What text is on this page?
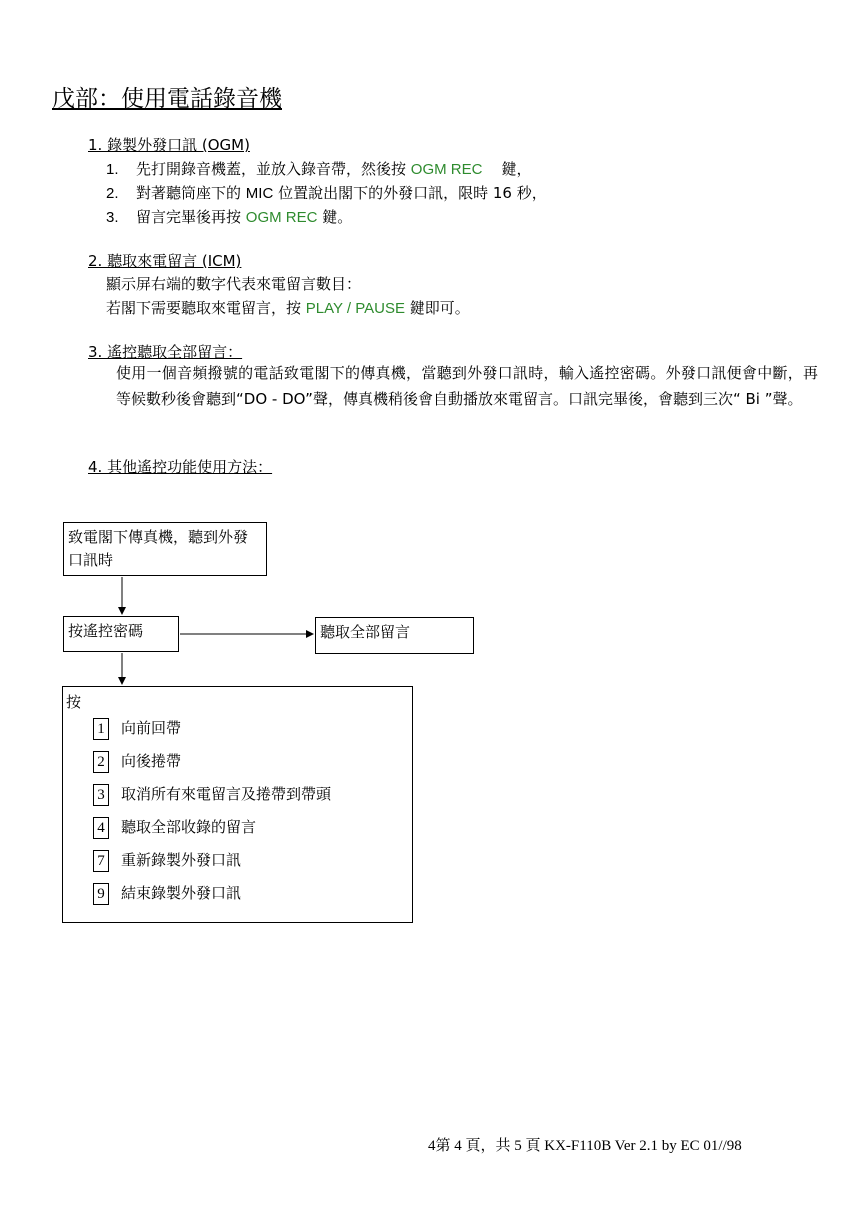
戊部：使用電話錄音機
1. 錄製外發口訊 (OGM)
1. 先打開錄音機蓋，並放入錄音帶，然後按 OGM REC 鍵，
2. 對著聽筒座下的 MIC 位置說出閣下的外發口訊，限時 16 秒，
3. 留言完畢後再按 OGM REC 鍵。
2. 聽取來電留言 (ICM)
顯示屏右端的數字代表來電留言數目：
若閣下需要聽取來電留言，按 PLAY / PAUSE 鍵即可。
3. 遙控聽取全部留言：
使用一個音頻撥號的電話致電閣下的傳真機，當聽到外發口訊時，輸入遙控密碼。外發口訊便會中斷，再等候數秒後會聽到“DO - DO”聲，傳真機稍後會自動播放來電留言。口訊完畢後，會聽到三次“ Bi ”聲。
4. 其他遙控功能使用方法：
致電閣下傳真機，聽到外發口訊時
按遙控密碼	聽取全部留言
按
1 向前回帶
2 向後捲帶
3 取消所有來電留言及捲帶到帶頭
4 聽取全部收錄的留言
7 重新錄製外發口訊
9 結束錄製外發口訊
4第 4 頁，共 5 頁 KX-F110B Ver 2.1 by EC 01//98
